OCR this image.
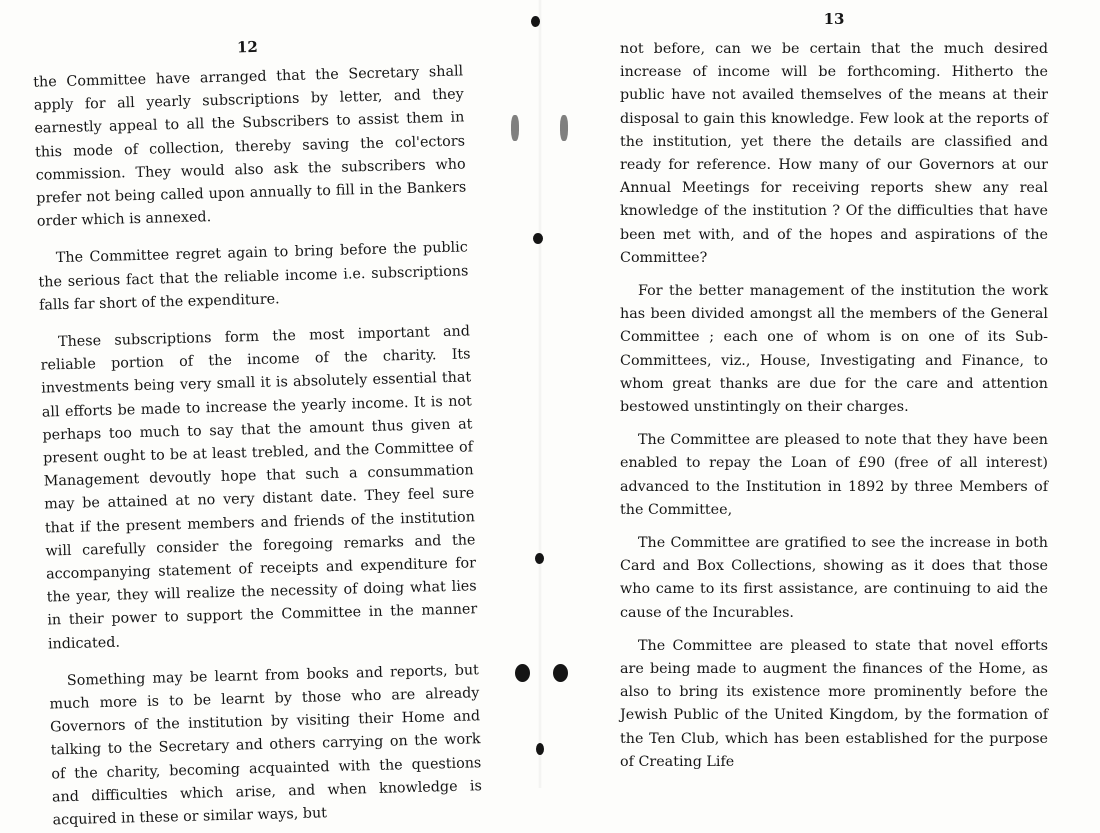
12

the Committee have arranged that the Secretary shall apply for all yearly subscriptions by letter, and they earnestly appeal to all the Subscribers to assist them in this mode of collection, thereby saving the col'ectors commission. They would also ask the subscribers who prefer not being called upon annually to fill in the Bankers order which is annexed.

The Committee regret again to bring before the public the serious fact that the reliable income i.e. subscriptions falls far short of the expenditure.

These subscriptions form the most important and reliable portion of the income of the charity. Its investments being very small it is absolutely essential that all efforts be made to increase the yearly income. It is not perhaps too much to say that the amount thus given at present ought to be at least trebled, and the Committee of Management devoutly hope that such a consummation may be attained at no very distant date. They feel sure that if the present members and friends of the institution will carefully consider the foregoing remarks and the accompanying statement of receipts and expenditure for the year, they will realize the necessity of doing what lies in their power to support the Committee in the manner indicated.

Something may be learnt from books and reports, but much more is to be learnt by those who are already Governors of the institution by visiting their Home and talking to the Secretary and others carrying on the work of the charity, becoming acquainted with the questions and difficulties which arise, and when knowledge is acquired in these or similar ways, but

13

not before, can we be certain that the much desired increase of income will be forthcoming. Hitherto the public have not availed themselves of the means at their disposal to gain this knowledge. Few look at the reports of the institution, yet there the details are classified and ready for reference. How many of our Governors at our Annual Meetings for receiving reports shew any real knowledge of the institution ? Of the difficulties that have been met with, and of the hopes and aspirations of the Committee?

For the better management of the institution the work has been divided amongst all the members of the General Committee ; each one of whom is on one of its Sub-Committees, viz., House, Investigating and Finance, to whom great thanks are due for the care and attention bestowed unstintingly on their charges.

The Committee are pleased to note that they have been enabled to repay the Loan of £90 (free of all interest) advanced to the Institution in 1892 by three Members of the Committee,

The Committee are gratified to see the increase in both Card and Box Collections, showing as it does that those who came to its first assistance, are continuing to aid the cause of the Incurables.

The Committee are pleased to state that novel efforts are being made to augment the finances of the Home, as also to bring its existence more prominently before the Jewish Public of the United Kingdom, by the formation of the Ten Club, which has been established for the purpose of Creating Life
